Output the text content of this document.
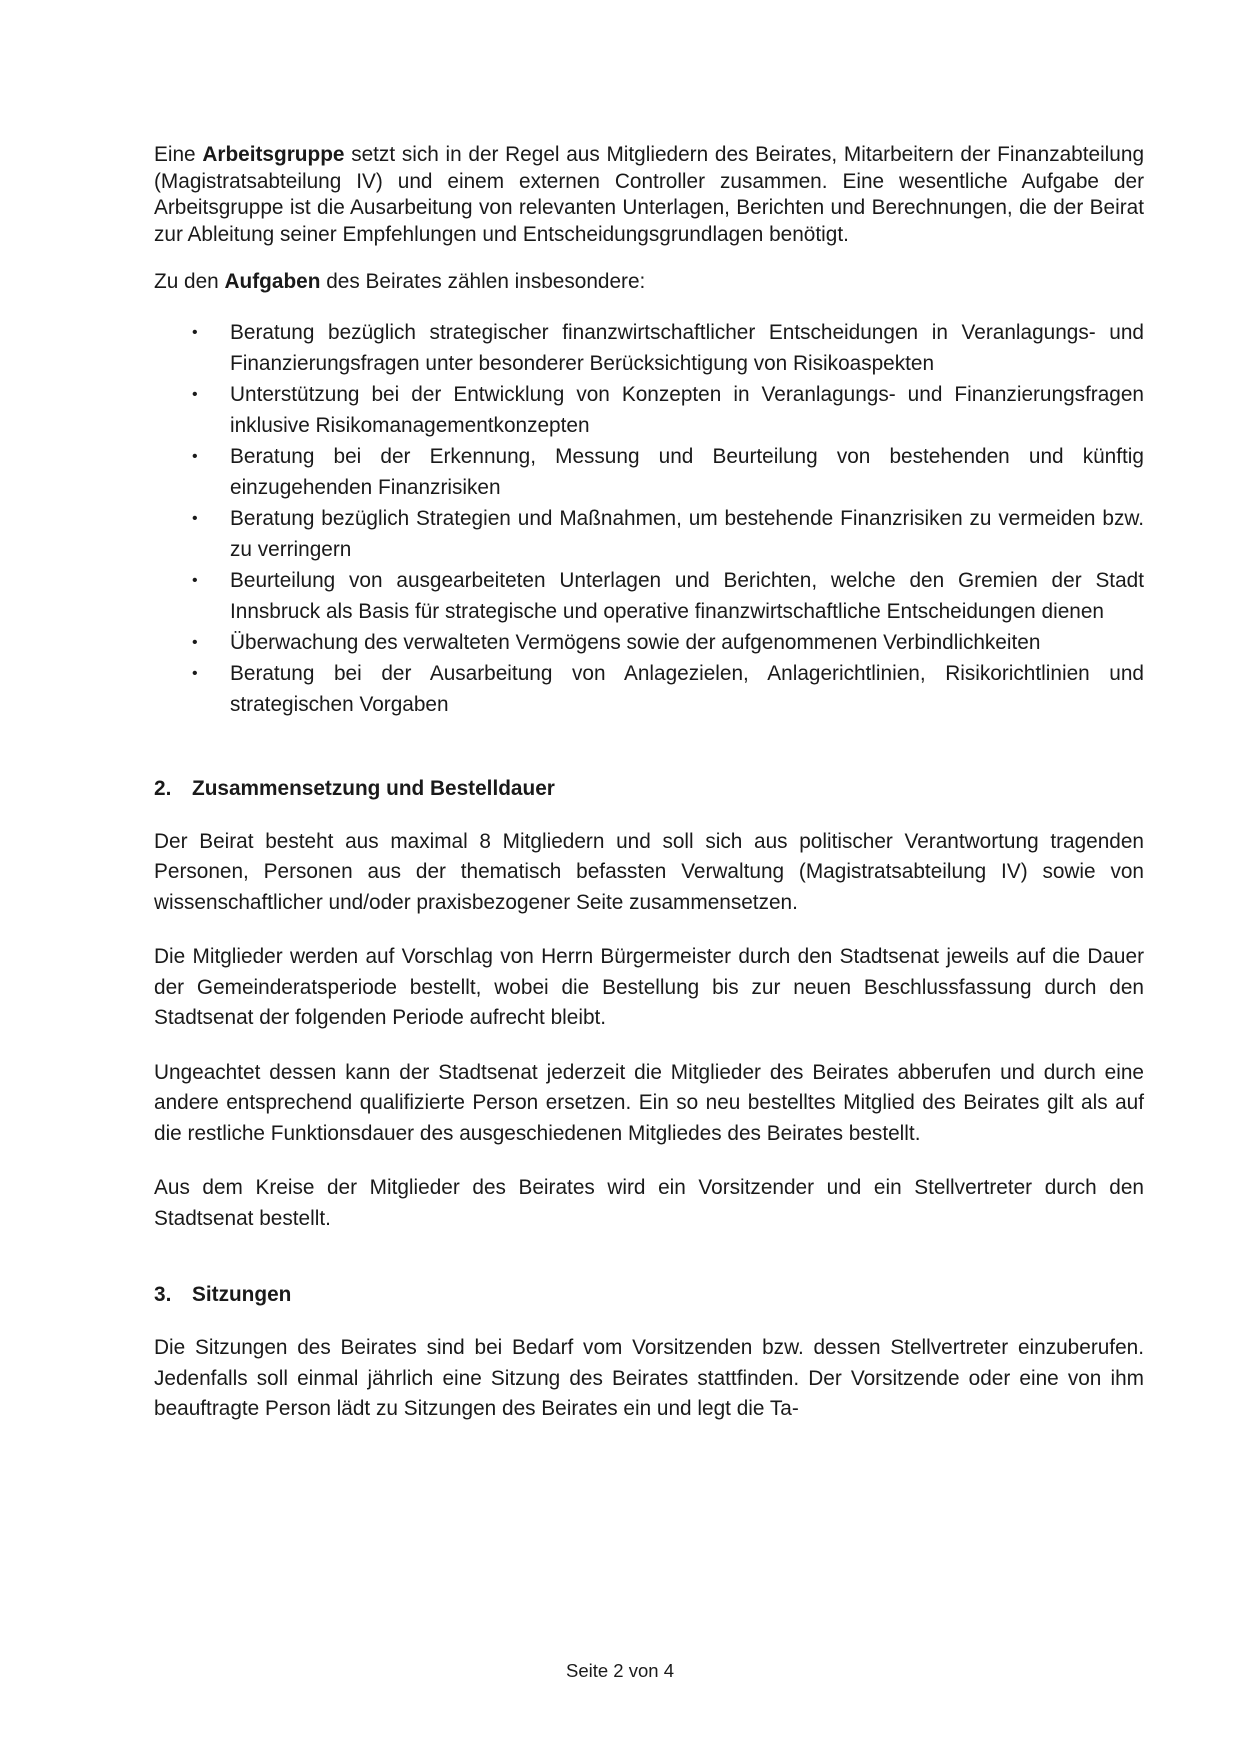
Eine Arbeitsgruppe setzt sich in der Regel aus Mitgliedern des Beirates, Mitarbeitern der Finanzabteilung (Magistratsabteilung IV) und einem externen Controller zusammen. Eine wesentliche Aufgabe der Arbeitsgruppe ist die Ausarbeitung von relevanten Unterlagen, Berichten und Berechnungen, die der Beirat zur Ableitung seiner Empfehlungen und Entscheidungsgrundlagen benötigt.

Zu den Aufgaben des Beirates zählen insbesondere:

• Beratung bezüglich strategischer finanzwirtschaftlicher Entscheidungen in Veranlagungs- und Finanzierungsfragen unter besonderer Berücksichtigung von Risikoaspekten
• Unterstützung bei der Entwicklung von Konzepten in Veranlagungs- und Finanzierungsfragen inklusive Risikomanagementkonzepten
• Beratung bei der Erkennung, Messung und Beurteilung von bestehenden und künftig einzugehenden Finanzrisiken
• Beratung bezüglich Strategien und Maßnahmen, um bestehende Finanzrisiken zu vermeiden bzw. zu verringern
• Beurteilung von ausgearbeiteten Unterlagen und Berichten, welche den Gremien der Stadt Innsbruck als Basis für strategische und operative finanzwirtschaftliche Entscheidungen dienen
• Überwachung des verwalteten Vermögens sowie der aufgenommenen Verbindlichkeiten
• Beratung bei der Ausarbeitung von Anlagezielen, Anlagerichtlinien, Risikorichtlinien und strategischen Vorgaben
2. Zusammensetzung und Bestelldauer

Der Beirat besteht aus maximal 8 Mitgliedern und soll sich aus politischer Verantwortung tragenden Personen, Personen aus der thematisch befassten Verwaltung (Magistratsabteilung IV) sowie von wissenschaftlicher und/oder praxisbezogener Seite zusammensetzen.

Die Mitglieder werden auf Vorschlag von Herrn Bürgermeister durch den Stadtsenat jeweils auf die Dauer der Gemeinderatsperiode bestellt, wobei die Bestellung bis zur neuen Beschlussfassung durch den Stadtsenat der folgenden Periode aufrecht bleibt.

Ungeachtet dessen kann der Stadtsenat jederzeit die Mitglieder des Beirates abberufen und durch eine andere entsprechend qualifizierte Person ersetzen. Ein so neu bestelltes Mitglied des Beirates gilt als auf die restliche Funktionsdauer des ausgeschiedenen Mitgliedes des Beirates bestellt.

Aus dem Kreise der Mitglieder des Beirates wird ein Vorsitzender und ein Stellvertreter durch den Stadtsenat bestellt.

3. Sitzungen

Die Sitzungen des Beirates sind bei Bedarf vom Vorsitzenden bzw. dessen Stellvertreter einzuberufen. Jedenfalls soll einmal jährlich eine Sitzung des Beirates stattfinden. Der Vorsitzende oder eine von ihm beauftragte Person lädt zu Sitzungen des Beirates ein und legt die Ta-

Seite 2 von 4
